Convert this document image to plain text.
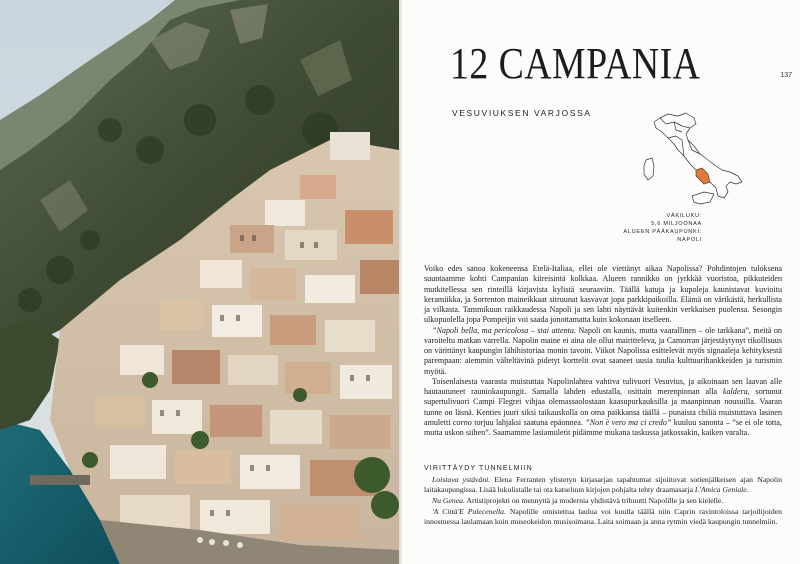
12 CAMPANIA	137
VESUVIUKSEN VARJOSSA
VÄKILUKU:
5,6 MILJOONAA
ALUEEN PÄÄKAUPUNKI:
NAPOLI

Voiko edes sanoa kokeneensa Etelä-Italiaa, ellei ole viettänyt aikaa Napolissa? Pohdintojen tuloksena suuntaamme kohti Campanian kiireisintä kolkkaa. Alueen rannikko on jyrkkää vuoristoa, pikkuteiden mutkitellessa sen rinteillä kirjavista kylistä seuraaviin. Täällä katuja ja kupoleja kaunistavat kuvioitu keramiikka, ja Sorrenton maineikkaat sitruunat kasvavat jopa parkkipaikoilla. Elämä on värikästä, herkullista ja vilkasta. Tammikuun raikkaudessa Napoli ja sen lahti näyttävät kuitenkin verkkaisen puolensa. Sesongin ulkopuolella jopa Pompeijin voi saada jonottamatta kuin kokonaan itselleen.

”Napoli bella, ma pericolosa – stai attenta. Napoli on kaunis, mutta vaarallinen – ole tarkkana”, meitä on varoiteltu matkan varrella. Napolin maine ei aina ole ollut mairitteleva, ja Camorran järjestäytynyt rikollisuus on värittänyt kaupungin lähihistoriaa monin tavoin. Viikot Napolissa esittelevät myös signaaleja kehityksestä parempaan: aiemmin välteltävinä pidetyt korttelit ovat saaneet uusia tuulia kulttuurihankkeiden ja turismin myötä.

Toisenlaisesta vaarasta muistuttaa Napolinlahtea vahtiva tulivuori Vesuvius, ja aikoinaan sen laavan alle hautautuneet rauniokaupungit. Samalla lahden edustalla, osittain merenpinnan alla kaldera, sortunut supertulivuori Campi Flegrei vihjaa olemassaolostaan kaasupurkauksilla ja maanpinnan nousuilla. Vaaran tunne on läsnä. Kenties juuri siksi taikauskolla on oma paikkansa täällä – punaista chiliä muistuttava lasinen amuletti corno torjuu lahjaksi saatuna epäonnea. ”Non è vero ma ci credo” kuuluu sanonta – ”se ei ole totta, mutta uskon siihen”. Saamamme lasiamuletit pidämme mukana taskussa jatkossakin, kaiken varalta.

VIRITTÄYDY TUNNELMIIN

Loistava ystäväni. Elena Ferranten ylistetyn kirjasarjan tapahtumat sijoittuvat sotienjälkeisen ajan Napolin laitakaupungissa. Lisää lukulistalle tai ota katseluun kirjojen pohjalta tehty draamasarja L'Amica Geniale.

Nu Genea. Artistiprojekti on mennyttä ja modernia yhdistävä tribuutti Napolille ja sen kielelle.

'A Città'E Pulecenella. Napolille omistettua laulua voi kuulla täällä niin Caprin ravintoloissa tarjoilijoiden innostuessa laulamaan kuin museokeidon musisoimana. Laita soimaan ja anna rytmin viedä kaupungin tunnelmiin.
